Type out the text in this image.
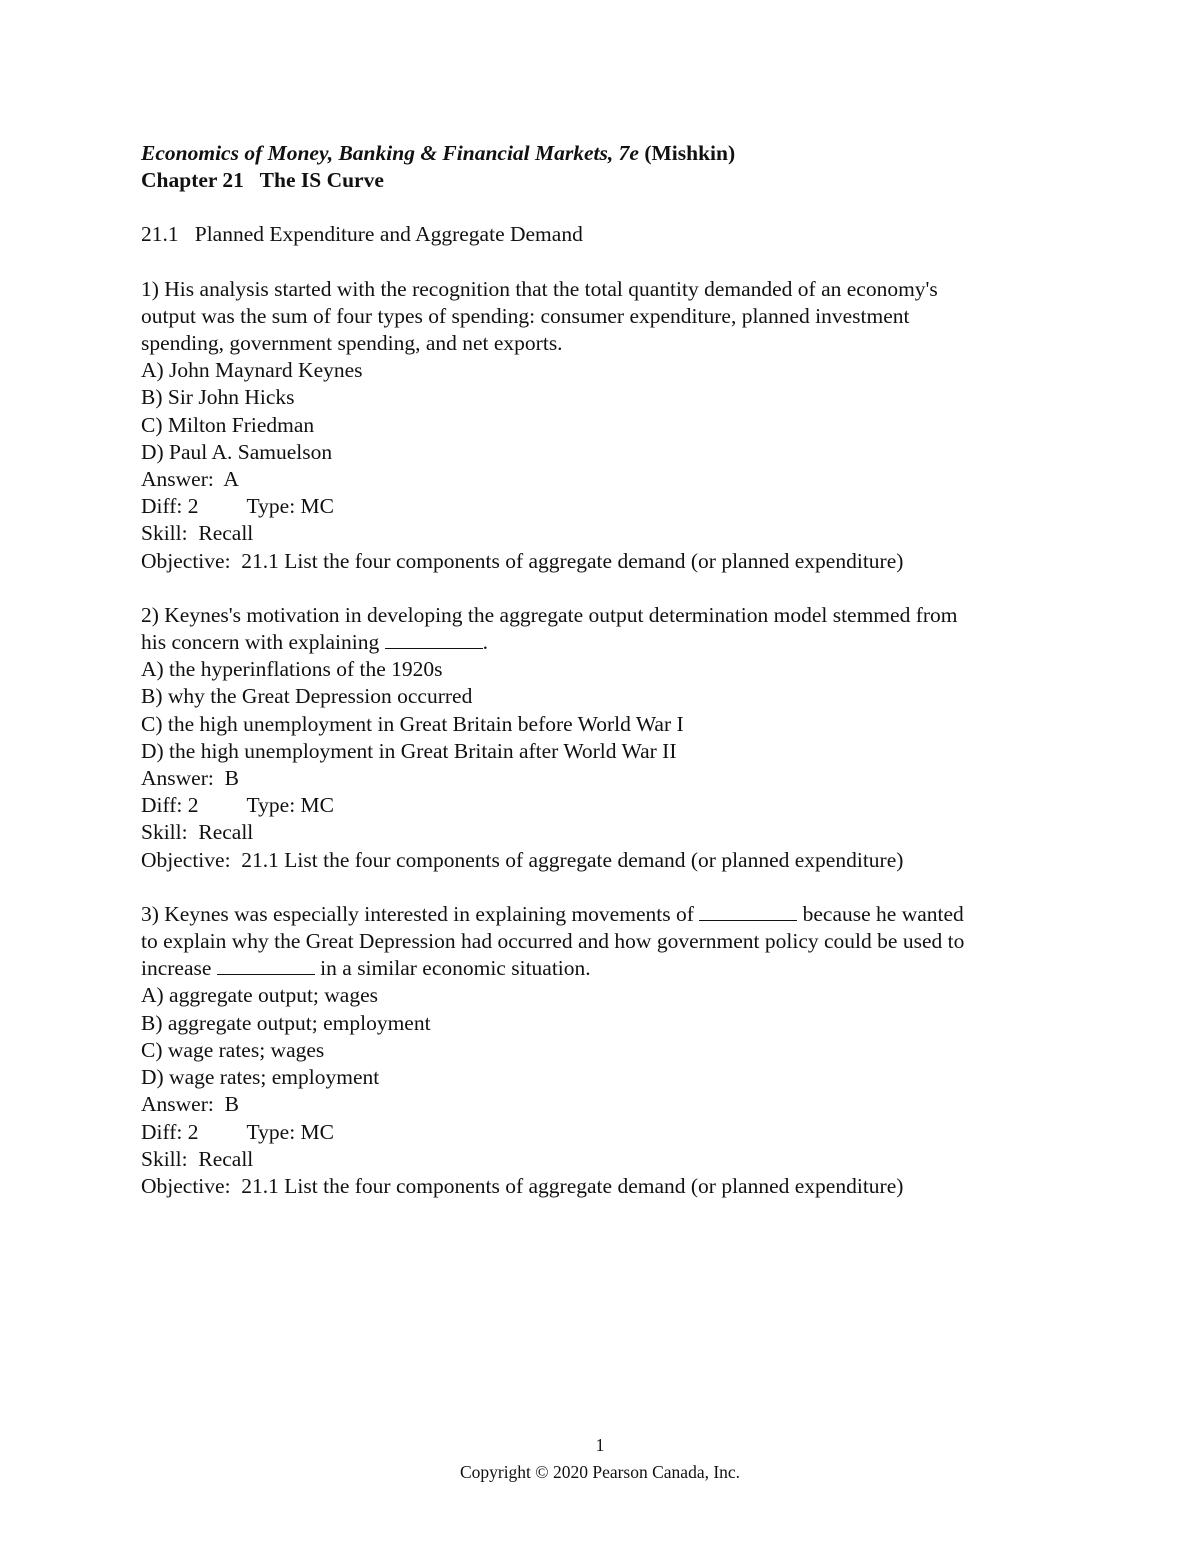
Economics of Money, Banking & Financial Markets, 7e (Mishkin)
Chapter 21   The IS Curve
21.1   Planned Expenditure and Aggregate Demand
1) His analysis started with the recognition that the total quantity demanded of an economy's
output was the sum of four types of spending: consumer expenditure, planned investment
spending, government spending, and net exports.
A) John Maynard Keynes
B) Sir John Hicks
C) Milton Friedman
D) Paul A. Samuelson
Answer:  A
Diff: 2 Type: MC
Skill:  Recall
Objective:  21.1 List the four components of aggregate demand (or planned expenditure)
2) Keynes's motivation in developing the aggregate output determination model stemmed from
his concern with explaining	.
A) the hyperinflations of the 1920s
B) why the Great Depression occurred
C) the high unemployment in Great Britain before World War I
D) the high unemployment in Great Britain after World War II
Answer:  B
Diff: 2 Type: MC
Skill:  Recall
Objective:  21.1 List the four components of aggregate demand (or planned expenditure)
3) Keynes was especially interested in explaining movements of	because he wanted
to explain why the Great Depression had occurred and how government policy could be used to
increase	in a similar economic situation.
A) aggregate output; wages
B) aggregate output; employment
C) wage rates; wages
D) wage rates; employment
Answer:  B
Diff: 2 Type: MC
Skill:  Recall
Objective:  21.1 List the four components of aggregate demand (or planned expenditure)
1
Copyright © 2020 Pearson Canada, Inc.
